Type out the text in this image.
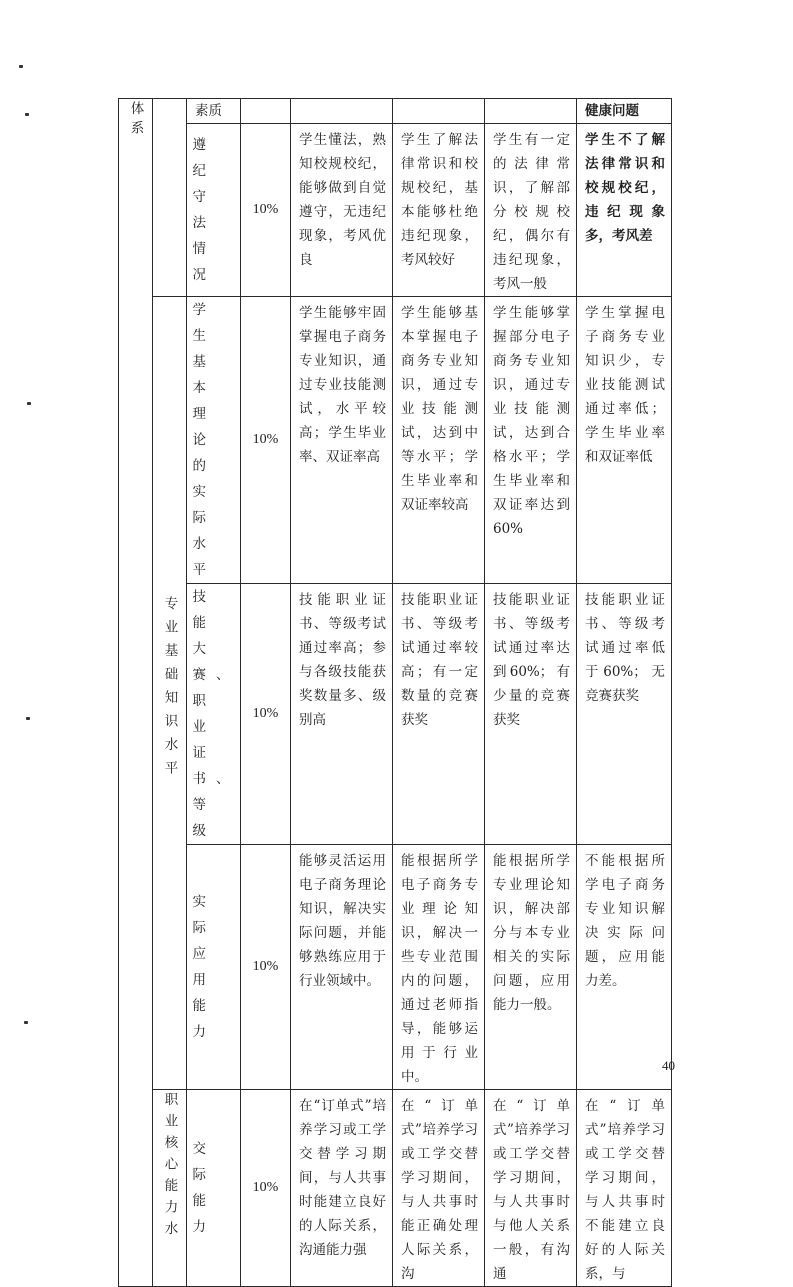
体系		素质					健康问题
		遵纪守法情况	10%	学生懂法，熟知校规校纪，能够做到自觉遵守，无违纪现象，考风优良	学生了解法律常识和校规校纪，基本能够杜绝违纪现象，考风较好	学生有一定的法律常识，了解部分校规校纪，偶尔有违纪现象，考风一般	学生不了解法律常识和校规校纪，违纪现象多，考风差
	专业基础知识水平	学生基本理论的实际水平	10%	学生能够牢固掌握电子商务专业知识，通过专业技能测试，水平较高；学生毕业率、双证率高	学生能够基本掌握电子商务专业知识，通过专业技能测试，达到中等水平；学生毕业率和双证率较高	学生能够掌握部分电子商务专业知识，通过专业技能测试，达到合格水平；学生毕业率和双证率达到60%	学生掌握电子商务专业知识少，专业技能测试通过率低；学生毕业率和双证率低
		技能大赛、职业证书、等级	10%	技能职业证书、等级考试通过率高；参与各级技能获奖数量多、级别高	技能职业证书、等级考试通过率较高；有一定数量的竞赛获奖	技能职业证书、等级考试通过率达到60%；有少量的竞赛获奖	技能职业证书、等级考试通过率低于60%；无竞赛获奖
		实际应用能力	10%	能够灵活运用电子商务理论知识，解决实际问题，并能够熟练应用于行业领域中。	能根据所学电子商务专业理论知识，解决一些专业范围内的问题，通过老师指导，能够运用于行业中。	能根据所学专业理论知识，解决部分与本专业相关的实际问题，应用能力一般。	不能根据所学电子商务专业知识解决实际问题，应用能力差。
	职业核心能力水	交际能力	10%	在“订单式”培养学习或工学交替学习期间，与人共事时能建立良好的人际关系，沟通能力强	在“订单式”培养学习或工学交替学习期间，与人共事时能正确处理人际关系，沟	在“订单式”培养学习或工学交替学习期间，与人共事时与他人关系一般，有沟通	在“订单式”培养学习或工学交替学习期间，与人共事时不能建立良好的人际关系，与
40
